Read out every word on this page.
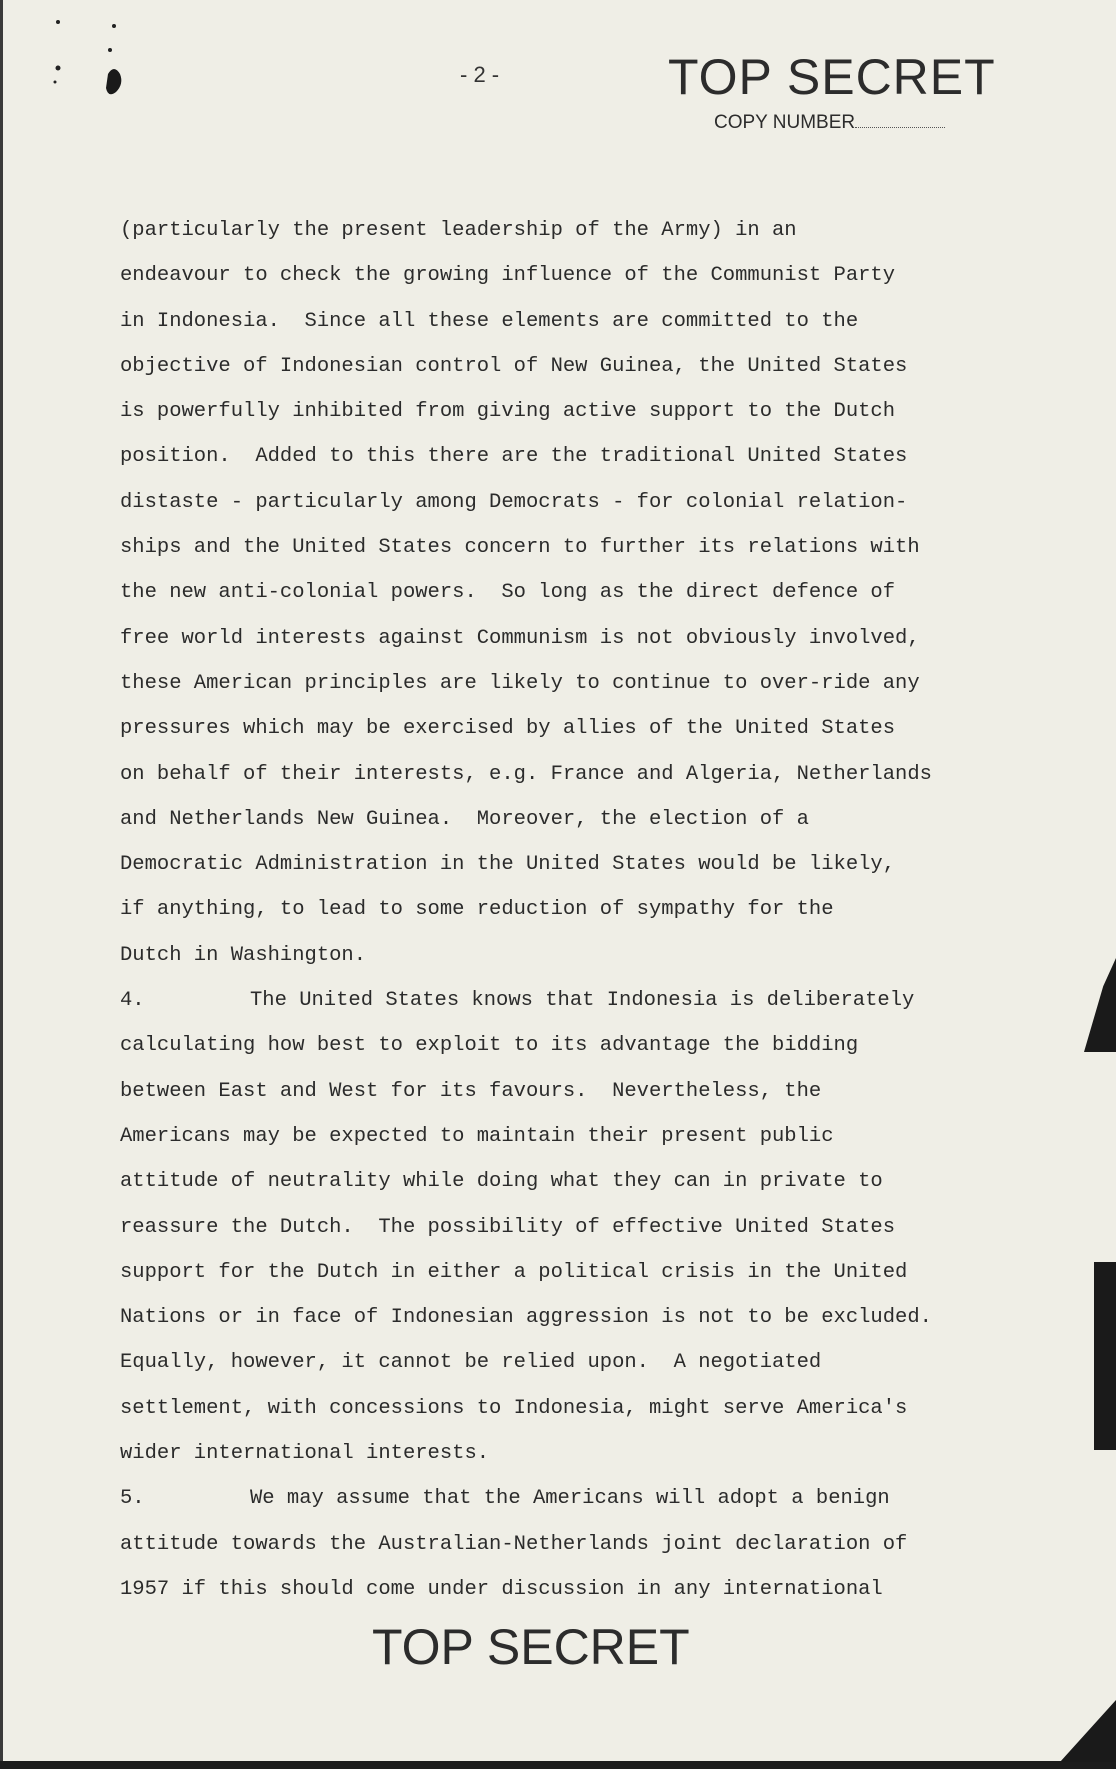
- 2 -	TOP SECRET
COPY NUMBER
(particularly the present leadership of the Army) in an
endeavour to check the growing influence of the Communist Party
in Indonesia.  Since all these elements are committed to the
objective of Indonesian control of New Guinea, the United States
is powerfully inhibited from giving active support to the Dutch
position.  Added to this there are the traditional United States
distaste - particularly among Democrats - for colonial relation-
ships and the United States concern to further its relations with
the new anti-colonial powers.  So long as the direct defence of
free world interests against Communism is not obviously involved,
these American principles are likely to continue to over-ride any
pressures which may be exercised by allies of the United States
on behalf of their interests, e.g. France and Algeria, Netherlands
and Netherlands New Guinea.  Moreover, the election of a
Democratic Administration in the United States would be likely,
if anything, to lead to some reduction of sympathy for the
Dutch in Washington.
4.	The United States knows that Indonesia is deliberately
calculating how best to exploit to its advantage the bidding
between East and West for its favours.  Nevertheless, the
Americans may be expected to maintain their present public
attitude of neutrality while doing what they can in private to
reassure the Dutch.  The possibility of effective United States
support for the Dutch in either a political crisis in the United
Nations or in face of Indonesian aggression is not to be excluded.
Equally, however, it cannot be relied upon.  A negotiated
settlement, with concessions to Indonesia, might serve America's
wider international interests.
5.	We may assume that the Americans will adopt a benign
attitude towards the Australian-Netherlands joint declaration of
1957 if this should come under discussion in any international
TOP SECRET
